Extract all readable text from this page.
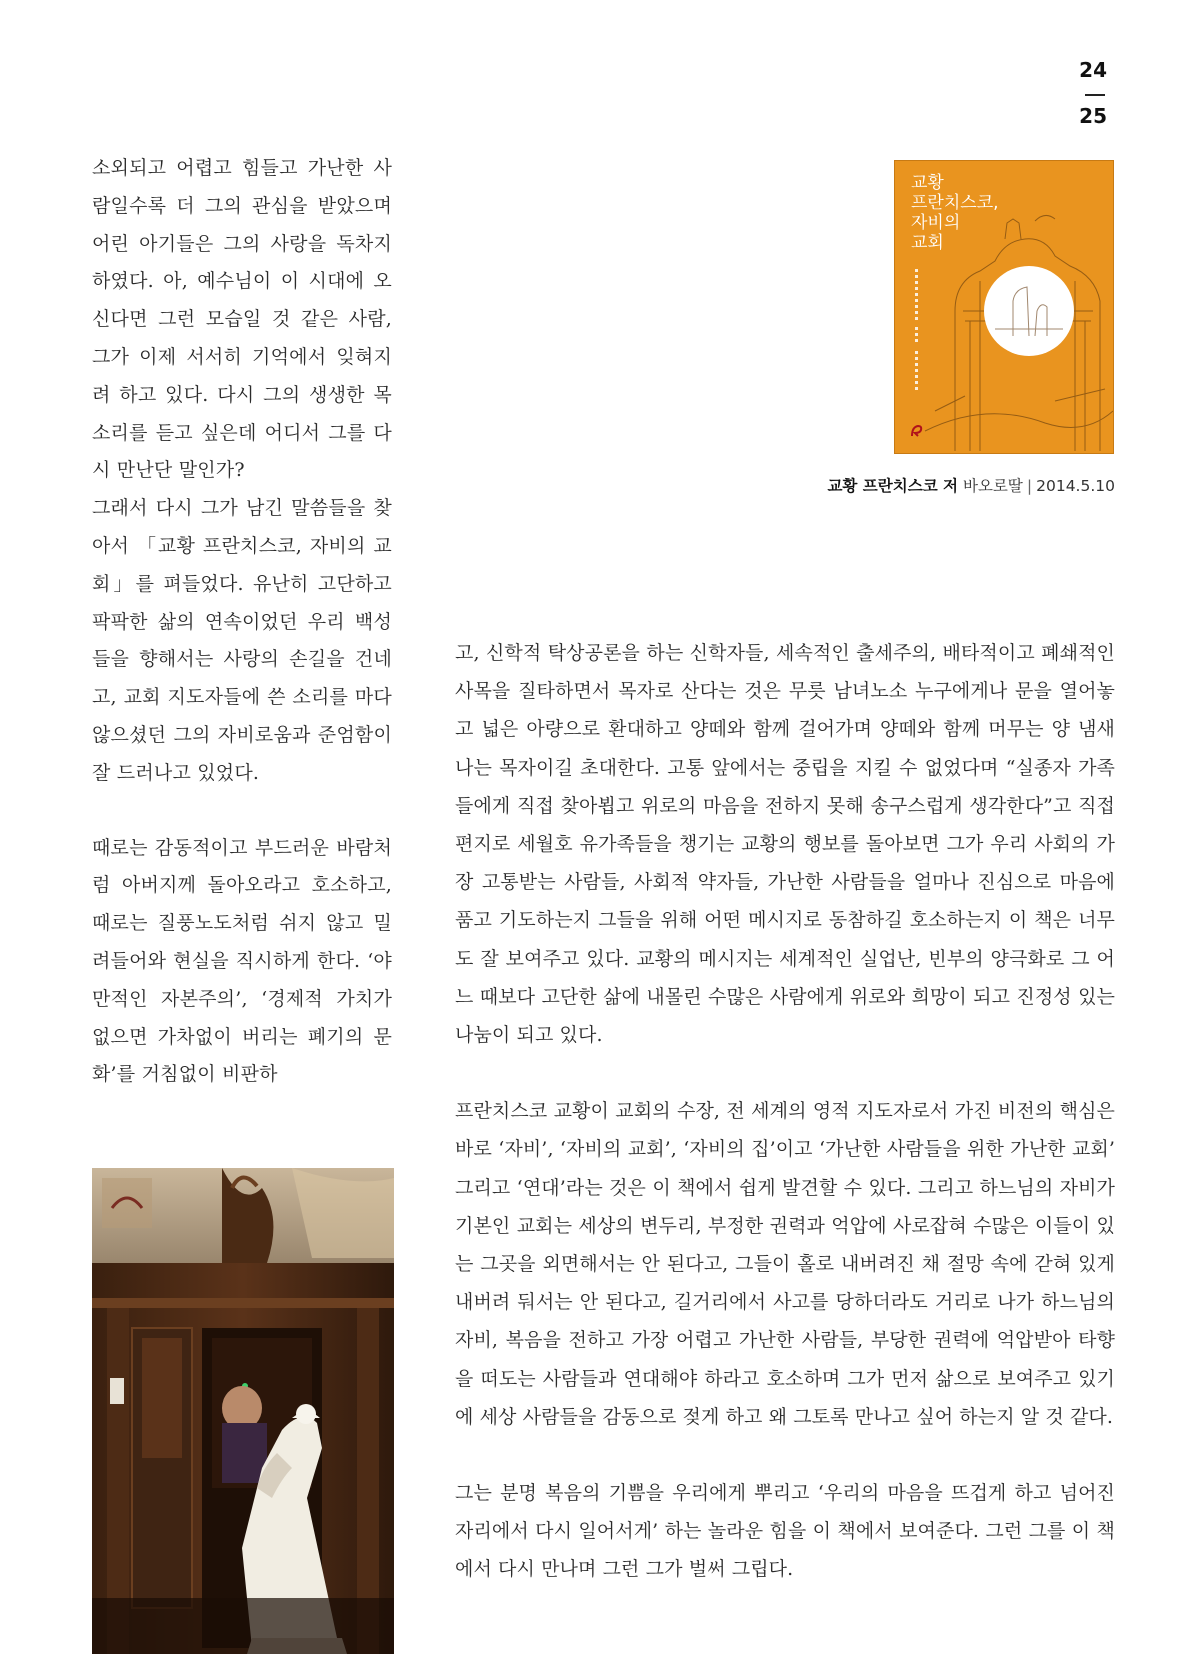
24
25

소외되고 어렵고 힘들고 가난한 사람일수록 더 그의 관심을 받았으며 어린 아기들은 그의 사랑을 독차지 하였다. 아, 예수님이 이 시대에 오신다면 그런 모습일 것 같은 사람, 그가 이제 서서히 기억에서 잊혀지려 하고 있다. 다시 그의 생생한 목소리를 듣고 싶은데 어디서 그를 다시 만난단 말인가?

그래서 다시 그가 남긴 말씀들을 찾아서 「교황 프란치스코, 자비의 교회」를 펴들었다. 유난히 고단하고 팍팍한 삶의 연속이었던 우리 백성들을 향해서는 사랑의 손길을 건네고, 교회 지도자들에 쓴 소리를 마다 않으셨던 그의 자비로움과 준엄함이 잘 드러나고 있었다.

때로는 감동적이고 부드러운 바람처럼 아버지께 돌아오라고 호소하고, 때로는 질풍노도처럼 쉬지 않고 밀려들어와 현실을 직시하게 한다. ‘야만적인 자본주의’, ‘경제적 가치가 없으면 가차없이 버리는 폐기의 문화’를 거침없이 비판하

교황
프란치스코,
자비의
교회
교황 프란치스코 저 바오로딸 | 2014.5.10

고, 신학적 탁상공론을 하는 신학자들, 세속적인 출세주의, 배타적이고 폐쇄적인 사목을 질타하면서 목자로 산다는 것은 무릇 남녀노소 누구에게나 문을 열어놓고 넓은 아량으로 환대하고 양떼와 함께 걸어가며 양떼와 함께 머무는 양 냄새 나는 목자이길 초대한다. 고통 앞에서는 중립을 지킬 수 없었다며 “실종자 가족들에게 직접 찾아뵙고 위로의 마음을 전하지 못해 송구스럽게 생각한다”고 직접 편지로 세월호 유가족들을 챙기는 교황의 행보를 돌아보면 그가 우리 사회의 가장 고통받는 사람들, 사회적 약자들, 가난한 사람들을 얼마나 진심으로 마음에 품고 기도하는지 그들을 위해 어떤 메시지로 동참하길 호소하는지 이 책은 너무도 잘 보여주고 있다. 교황의 메시지는 세계적인 실업난, 빈부의 양극화로 그 어느 때보다 고단한 삶에 내몰린 수많은 사람에게 위로와 희망이 되고 진정성 있는 나눔이 되고 있다.

프란치스코 교황이 교회의 수장, 전 세계의 영적 지도자로서 가진 비전의 핵심은 바로 ‘자비’, ‘자비의 교회’, ‘자비의 집’이고 ‘가난한 사람들을 위한 가난한 교회’ 그리고 ‘연대’라는 것은 이 책에서 쉽게 발견할 수 있다. 그리고 하느님의 자비가 기본인 교회는 세상의 변두리, 부정한 권력과 억압에 사로잡혀 수많은 이들이 있는 그곳을 외면해서는 안 된다고, 그들이 홀로 내버려진 채 절망 속에 갇혀 있게 내버려 둬서는 안 된다고, 길거리에서 사고를 당하더라도 거리로 나가 하느님의 자비, 복음을 전하고 가장 어렵고 가난한 사람들, 부당한 권력에 억압받아 타향을 떠도는 사람들과 연대해야 하라고 호소하며 그가 먼저 삶으로 보여주고 있기에 세상 사람들을 감동으로 젖게 하고 왜 그토록 만나고 싶어 하는지 알 것 같다.

그는 분명 복음의 기쁨을 우리에게 뿌리고 ‘우리의 마음을 뜨겁게 하고 넘어진 자리에서 다시 일어서게’ 하는 놀라운 힘을 이 책에서 보여준다. 그런 그를 이 책에서 다시 만나며 그런 그가 벌써 그립다.
